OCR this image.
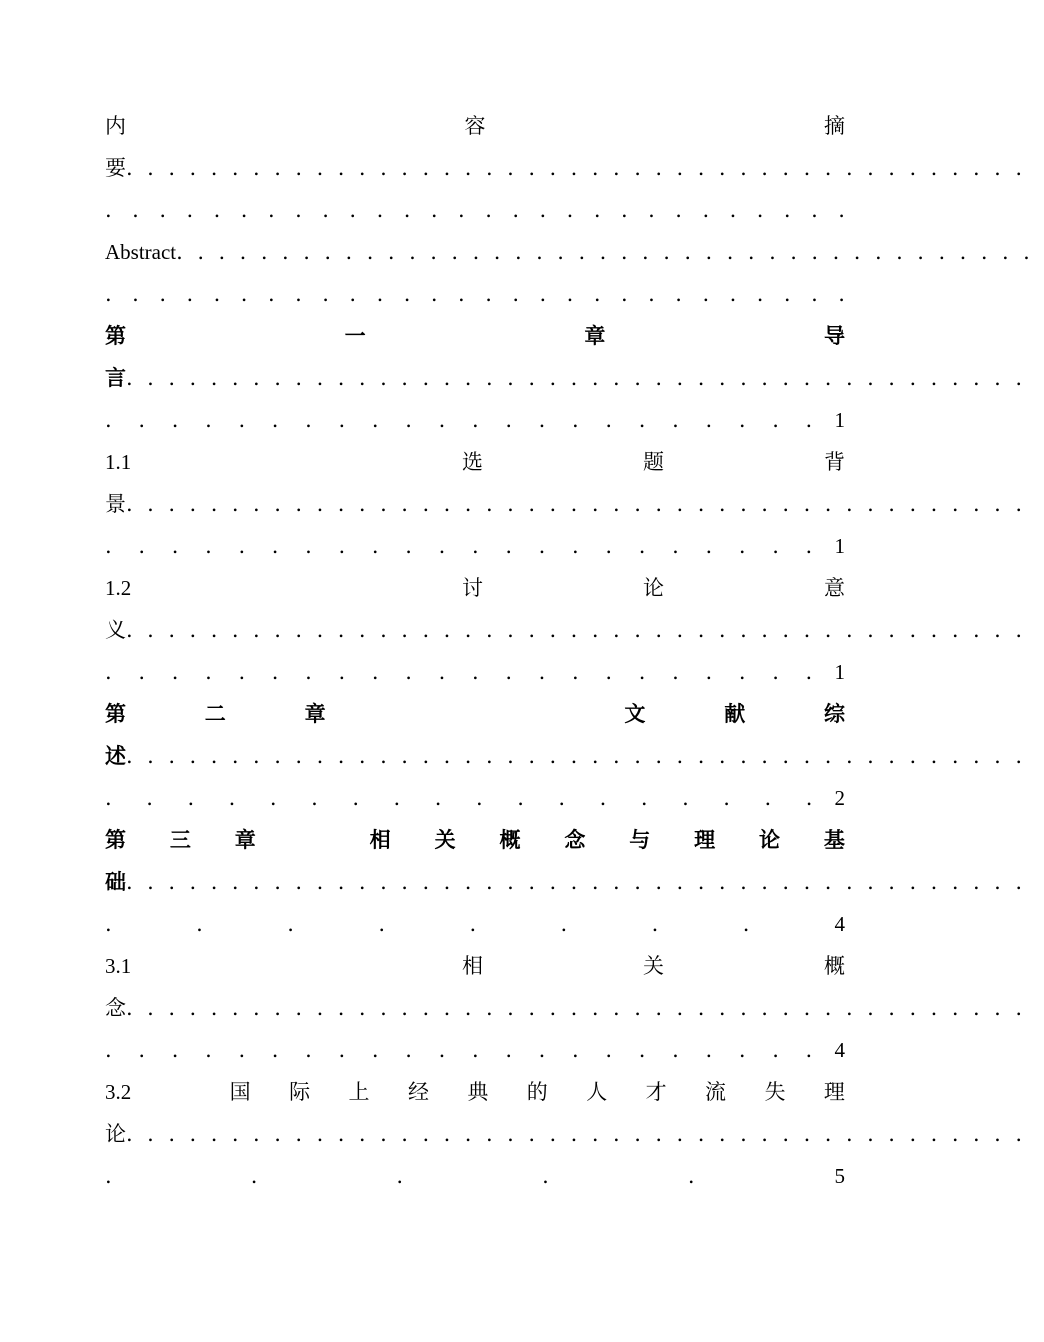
内	容	摘
要 ...........................................
. . . . . . . . . . . . . . . . . . . . . . . . . . . .
Abstract .........................................
. . . . . . . . . . . . . . . . . . . . . . . . . . . .
第	一	章	导
言 ...........................................
. . . . . . . . . . . . . . . . . . . . . . 1
1.1	选	题	背
景 ...........................................
. . . . . . . . . . . . . . . . . . . . . . 1
1.2	讨	论	意
义 ...........................................
. . . . . . . . . . . . . . . . . . . . . . 1
第	二	章	文	献	综
述 ...........................................
. . . . . . . . . . . . . . . . . . 2
第 三 章	相 关 概 念 与 理 论 基
础 ...........................................
.	.	.	.	.	.	.	.	4
3.1	相	关	概
念 ...........................................
. . . . . . . . . . . . . . . . . . . . . . 4
3.2	国 际 上 经 典 的 人 才 流 失 理
论 ...........................................
.	.	.	.	.	5
